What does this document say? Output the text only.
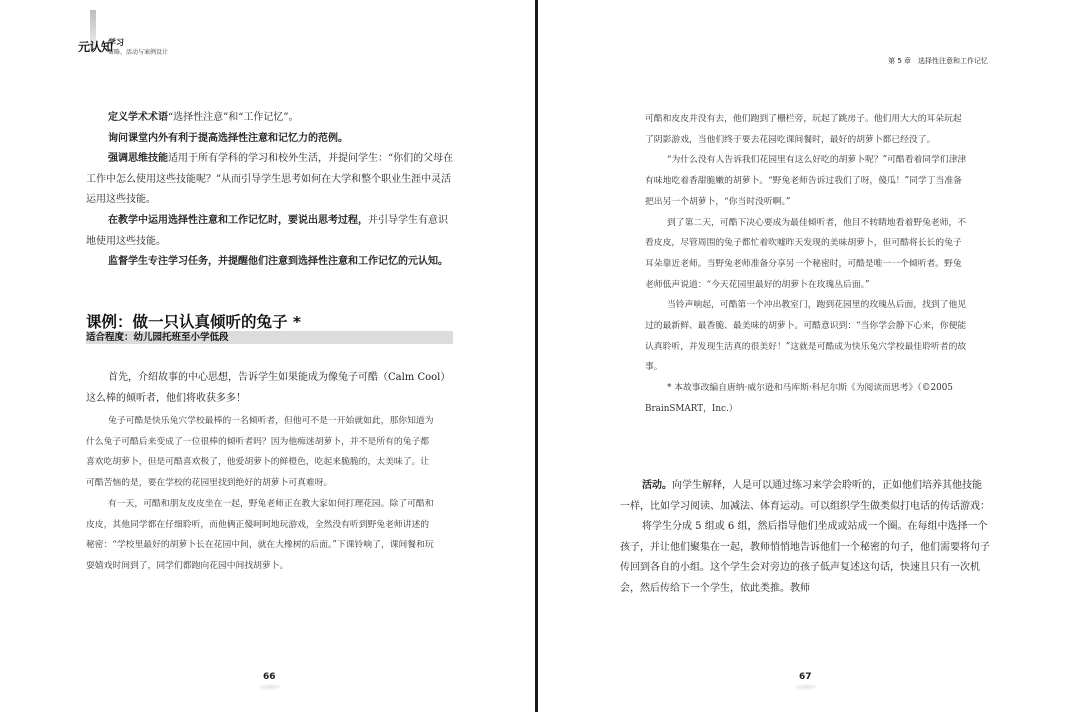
元认知
学习
策略、活动与案例设计
第 5 章　选择性注意和工作记忆

定义学术术语“选择性注意”和“工作记忆”。

询问课堂内外有利于提高选择性注意和记忆力的范例。

强调思维技能适用于所有学科的学习和校外生活，并提问学生：“你们的父母在工作中怎么使用这些技能呢？”从而引导学生思考如何在大学和整个职业生涯中灵活运用这些技能。

在教学中运用选择性注意和工作记忆时，要说出思考过程，并引导学生有意识地使用这些技能。

监督学生专注学习任务，并提醒他们注意到选择性注意和工作记忆的元认知。

课例：做一只认真倾听的兔子 *
适合程度：幼儿园托班至小学低段

首先，介绍故事的中心思想，告诉学生如果能成为像兔子可酷（Calm Cool）这么棒的倾听者，他们将收获多多！

兔子可酷是快乐兔穴学校最棒的一名倾听者，但他可不是一开始就如此，那你知道为什么兔子可酷后来变成了一位很棒的倾听者吗？因为他痴迷胡萝卜，并不是所有的兔子都喜欢吃胡萝卜，但是可酷喜欢极了，他爱胡萝卜的鲜橙色，吃起来脆脆的，太美味了。让可酷苦恼的是，要在学校的花园里找到绝好的胡萝卜可真难呀。

有一天，可酷和朋友皮皮坐在一起，野兔老师正在教大家如何打理花园。除了可酷和皮皮，其他同学都在仔细聆听，而他俩正傻呵呵地玩游戏，全然没有听到野兔老师讲述的秘密：“学校里最好的胡萝卜长在花园中间，就在大橡树的后面。”下课铃响了，课间餐和玩耍嬉戏时间到了，同学们都跑向花园中间找胡萝卜。

66

可酷和皮皮并没有去，他们跑到了栅栏旁，玩起了跳房子。他们用大大的耳朵玩起了阴影游戏，当他们终于要去花园吃课间餐时，最好的胡萝卜都已经没了。

“为什么没有人告诉我们花园里有这么好吃的胡萝卜呢？”可酷看着同学们津津有味地吃着香甜脆嫩的胡萝卜。“野兔老师告诉过我们了呀，傻瓜！”同学丁当准备把出另一个胡萝卜，“你当时没听啊。”

到了第二天，可酷下决心要成为最佳倾听者，他目不转睛地看着野兔老师，不看皮皮，尽管周围的兔子都忙着吹嘘昨天发现的美味胡萝卜，但可酷将长长的兔子耳朵靠近老师。当野兔老师准备分享另一个秘密时，可酷是唯一一个倾听者。野兔老师低声说道：“今天花园里最好的胡萝卜在玫瑰丛后面。”

当铃声响起，可酷第一个冲出教室门，跑到花园里的玫瑰丛后面，找到了他见过的最新鲜、最香脆、最美味的胡萝卜。可酷意识到：“当你学会静下心来，你便能认真聆听，并发现生活真的很美好！”这就是可酷成为快乐兔穴学校最佳聆听者的故事。

* 本故事改编自唐纳·威尔逊和马库斯·科尼尔斯《为阅读而思考》（©2005 BrainSMART，Inc.）

活动。向学生解释，人是可以通过练习来学会聆听的，正如他们培养其他技能一样，比如学习阅读、加减法、体育运动。可以组织学生做类似打电话的传话游戏：

将学生分成 5 组或 6 组，然后指导他们坐成或站成一个圈。在每组中选择一个孩子，并让他们聚集在一起，教师悄悄地告诉他们一个秘密的句子，他们需要将句子传回到各自的小组。这个学生会对旁边的孩子低声复述这句话，快速且只有一次机会，然后传给下一个学生，依此类推。教师

67
